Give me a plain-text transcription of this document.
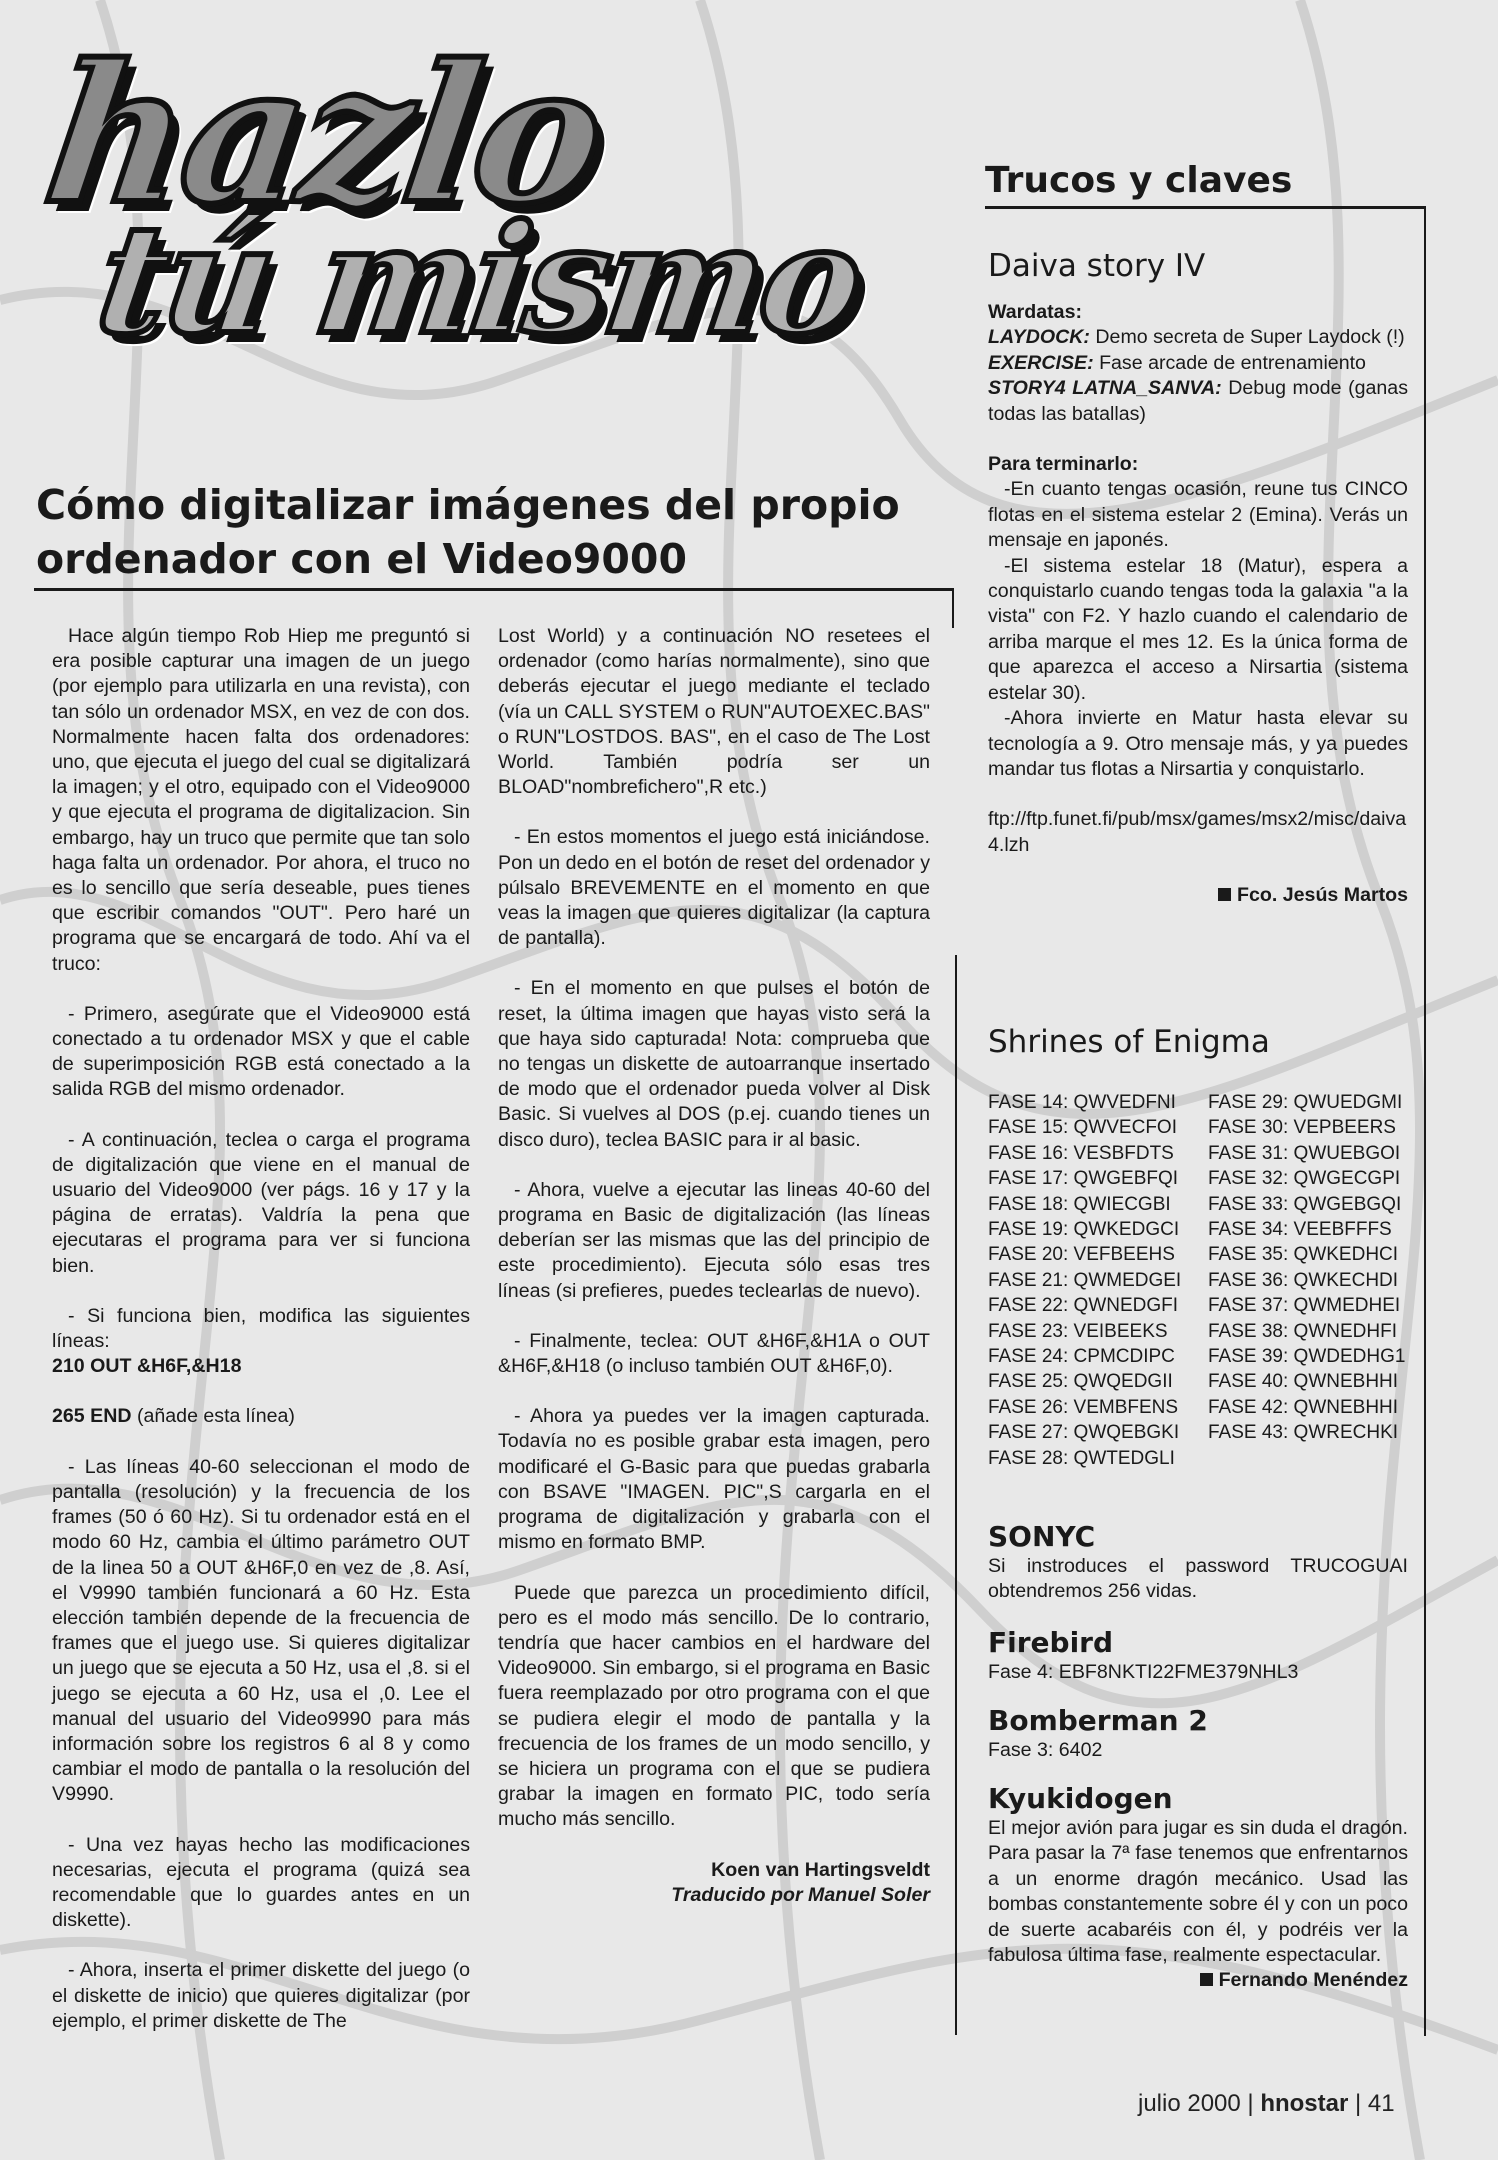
hazlo
tú mismo
Cómo digitalizar imágenes del propio ordenador con el Video9000

Hace algún tiempo Rob Hiep me preguntó si era posible capturar una imagen de un juego (por ejemplo para utilizarla en una revista), con tan sólo un ordenador MSX, en vez de con dos. Normalmente hacen falta dos ordenadores: uno, que ejecuta el juego del cual se digitalizará la imagen; y el otro, equipado con el Video9000 y que ejecuta el programa de digitalizacion. Sin embargo, hay un truco que permite que tan solo haga falta un ordenador. Por ahora, el truco no es lo sencillo que sería deseable, pues tienes que escribir comandos "OUT". Pero haré un programa que se encargará de todo. Ahí va el truco:

- Primero, asegúrate que el Video9000 está conectado a tu ordenador MSX y que el cable de superimposición RGB está conectado a la salida RGB del mismo ordenador.

- A continuación, teclea o carga el programa de digitalización que viene en el manual de usuario del Video9000 (ver págs. 16 y 17 y la página de erratas). Valdría la pena que ejecutaras el programa para ver si funciona bien.

- Si funciona bien, modifica las siguientes líneas:

210 OUT &H6F,&H18

265 END (añade esta línea)

- Las líneas 40-60 seleccionan el modo de pantalla (resolución) y la frecuencia de los frames (50 ó 60 Hz). Si tu ordenador está en el modo 60 Hz, cambia el último parámetro OUT de la linea 50 a OUT &H6F,0 en vez de ,8. Así, el V9990 también funcionará a 60 Hz. Esta elección también depende de la frecuencia de frames que el juego use. Si quieres digitalizar un juego que se ejecuta a 50 Hz, usa el ,8. si el juego se ejecuta a 60 Hz, usa el ,0. Lee el manual del usuario del Video9990 para más información sobre los registros 6 al 8 y como cambiar el modo de pantalla o la resolución del V9990.

- Una vez hayas hecho las modificaciones necesarias, ejecuta el programa (quizá sea recomendable que lo guardes antes en un diskette).

- Ahora, inserta el primer diskette del juego (o el diskette de inicio) que quieres digitalizar (por ejemplo, el primer diskette de The

Lost World) y a continuación NO resetees el ordenador (como harías normalmente), sino que deberás ejecutar el juego mediante el teclado (vía un CALL SYSTEM o RUN"AUTOEXEC.BAS" o RUN"LOSTDOS. BAS", en el caso de The Lost World. También podría ser un BLOAD"nombrefichero",R etc.)

- En estos momentos el juego está iniciándose. Pon un dedo en el botón de reset del ordenador y púlsalo BREVEMENTE en el momento en que veas la imagen que quieres digitalizar (la captura de pantalla).

- En el momento en que pulses el botón de reset, la última imagen que hayas visto será la que haya sido capturada! Nota: comprueba que no tengas un diskette de autoarranque insertado de modo que el ordenador pueda volver al Disk Basic. Si vuelves al DOS (p.ej. cuando tienes un disco duro), teclea BASIC para ir al basic.

- Ahora, vuelve a ejecutar las lineas 40-60 del programa en Basic de digitalización (las líneas deberían ser las mismas que las del principio de este procedimiento). Ejecuta sólo esas tres líneas (si prefieres, puedes teclearlas de nuevo).

- Finalmente, teclea: OUT &H6F,&H1A o OUT &H6F,&H18 (o incluso también OUT &H6F,0).

- Ahora ya puedes ver la imagen capturada. Todavía no es posible grabar esta imagen, pero modificaré el G-Basic para que puedas grabarla con BSAVE "IMAGEN. PIC",S cargarla en el programa de digitalización y grabarla con el mismo en formato BMP.

Puede que parezca un procedimiento difícil, pero es el modo más sencillo. De lo contrario, tendría que hacer cambios en el hardware del Video9000. Sin embargo, si el programa en Basic fuera reemplazado por otro programa con el que se pudiera elegir el modo de pantalla y la frecuencia de los frames de un modo sencillo, y se hiciera un programa con el que se pudiera grabar la imagen en formato PIC, todo sería mucho más sencillo.

Koen van Hartingsveldt

Traducido por Manuel Soler

Trucos y claves
Daiva story IV

Wardatas:

LAYDOCK: Demo secreta de Super Laydock (!)

EXERCISE: Fase arcade de entrenamiento

STORY4 LATNA_SANVA: Debug mode (ganas todas las batallas)

Para terminarlo:

-En cuanto tengas ocasión, reune tus CINCO flotas en el sistema estelar 2 (Emina). Verás un mensaje en japonés.

-El sistema estelar 18 (Matur), espera a conquistarlo cuando tengas toda la galaxia "a la vista" con F2. Y hazlo cuando el calendario de arriba marque el mes 12. Es la única forma de que aparezca el acceso a Nirsartia (sistema estelar 30).

-Ahora invierte en Matur hasta elevar su tecnología a 9. Otro mensaje más, y ya puedes mandar tus flotas a Nirsartia y conquistarlo.

ftp://ftp.funet.fi/pub/msx/games/msx2/misc/daiva4.lzh

Fco. Jesús Martos

Shrines of Enigma
FASE 14: QWVEDFNI
FASE 15: QWVECFOI
FASE 16: VESBFDTS
FASE 17: QWGEBFQI
FASE 18: QWIECGBI
FASE 19: QWKEDGCI
FASE 20: VEFBEEHS
FASE 21: QWMEDGEI
FASE 22: QWNEDGFI
FASE 23: VEIBEEKS
FASE 24: CPMCDIPC
FASE 25: QWQEDGII
FASE 26: VEMBFENS
FASE 27: QWQEBGKI
FASE 28: QWTEDGLI
FASE 29: QWUEDGMI
FASE 30: VEPBEERS
FASE 31: QWUEBGOI
FASE 32: QWGECGPI
FASE 33: QWGEBGQI
FASE 34: VEEBFFFS
FASE 35: QWKEDHCI
FASE 36: QWKECHDI
FASE 37: QWMEDHEI
FASE 38: QWNEDHFI
FASE 39: QWDEDHG1
FASE 40: QWNEBHHI
FASE 42: QWNEBHHI
FASE 43: QWRECHKI
SONYC

Si instroduces el password TRUCOGUAI obtendremos 256 vidas.

Firebird

Fase 4: EBF8NKTI22FME379NHL3

Bomberman 2

Fase 3: 6402

Kyukidogen

El mejor avión para jugar es sin duda el dragón. Para pasar la 7ª fase tenemos que enfrentarnos a un enorme dragón mecánico. Usad las bombas constantemente sobre él y con un poco de suerte acabaréis con él, y podréis ver la fabulosa última fase, realmente espectacular.

Fernando Menéndez

julio 2000 | hnostar | 41
